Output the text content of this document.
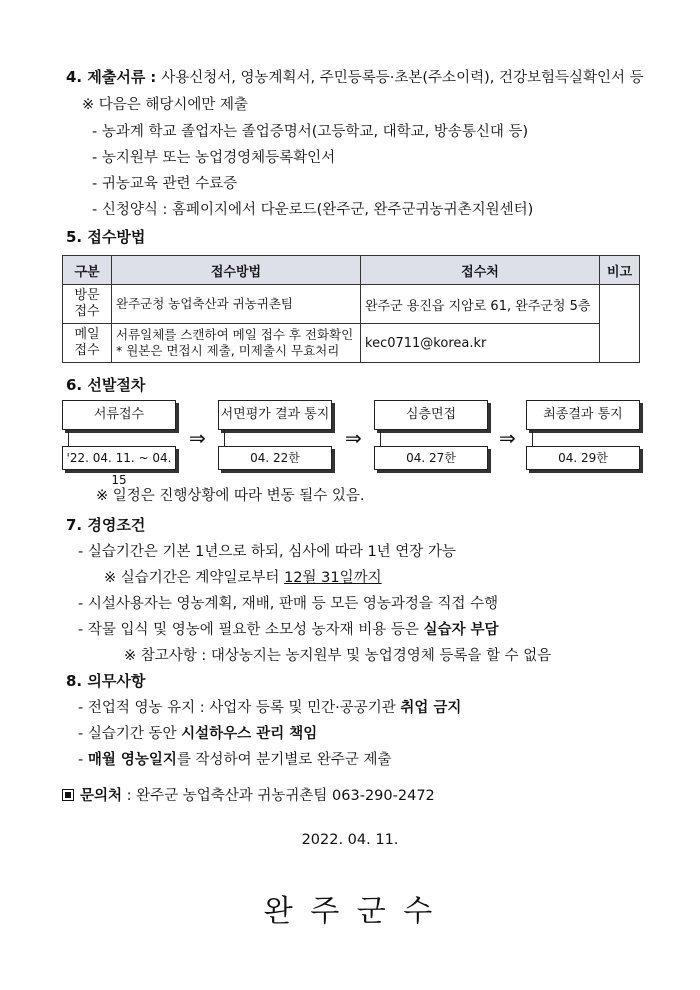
4. 제출서류 : 사용신청서, 영농계획서, 주민등록등·초본(주소이력), 건강보험득실확인서 등
※ 다음은 해당시에만 제출
- 농과계 학교 졸업자는 졸업증명서(고등학교, 대학교, 방송통신대 등)
- 농지원부 또는 농업경영체등록확인서
- 귀농교육 관련 수료증
- 신청양식 : 홈페이지에서 다운로드(완주군, 완주군귀농귀촌지원센터)
5. 접수방법
구분	접수방법	접수처	비고
방문
접수	완주군청 농업축산과 귀농귀촌팀	완주군 용진읍 지암로 61, 완주군청 5층	
메일
접수	서류일체를 스캔하여 메일 접수 후 전화확인
* 원본은 면접시 제출, 미제출시 무효처리	kec0711@korea.kr	
6. 선발절차
서류접수	서면평가 결과 통지	심층면접	최종결과 통지
'22. 04. 11. ~ 04. 15
04. 22한	04. 27한	04. 29한
⇒	⇒	⇒
※ 일정은 진행상황에 따라 변동 될수 있음.
7. 경영조건
- 실습기간은 기본 1년으로 하되, 심사에 따라 1년 연장 가능
※ 실습기간은 계약일로부터 12월 31일까지
- 시설사용자는 영농계획, 재배, 판매 등 모든 영농과정을 직접 수행
- 작물 입식 및 영농에 필요한 소모성 농자재 비용 등은 실습자 부담
※ 참고사항 : 대상농지는 농지원부 및 농업경영체 등록을 할 수 없음
8. 의무사항
- 전업적 영농 유지 : 사업자 등록 및 민간·공공기관 취업 금지
- 실습기간 동안 시설하우스 관리 책임
- 매월 영농일지를 작성하여 분기별로 완주군 제출
문의처 : 완주군 농업축산과 귀농귀촌팀 063-290-2472
2022. 04. 11.
완 주 군 수
